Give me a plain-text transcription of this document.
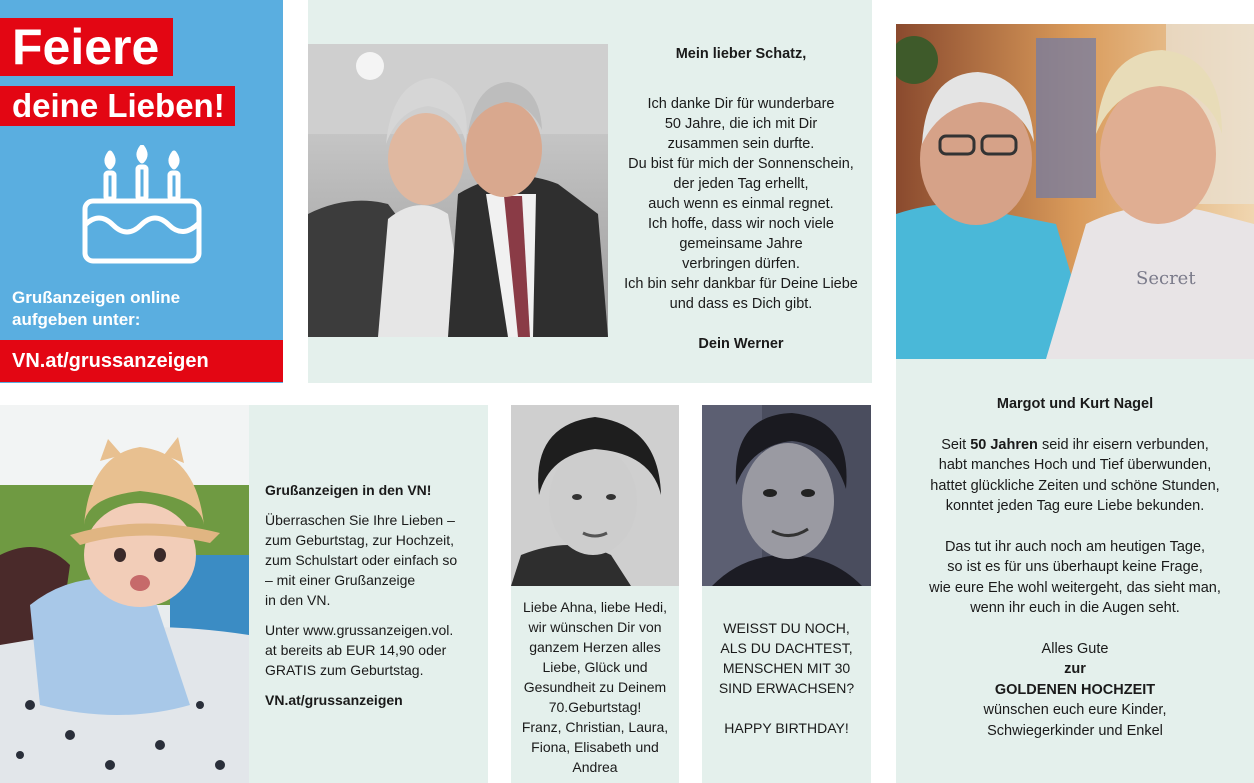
Feiere
deine Lieben!
Grußanzeigen online
aufgeben unter:
VN.at/grussanzeigen
Mein lieber Schatz,
Ich danke Dir für wunderbare
50 Jahre, die ich mit Dir
zusammen sein durfte.
Du bist für mich der Sonnenschein,
der jeden Tag erhellt,
auch wenn es einmal regnet.
Ich hoffe, dass wir noch viele
gemeinsame Jahre
verbringen dürfen.
Ich bin sehr dankbar für Deine Liebe
und dass es Dich gibt.
Dein Werner
Secret
Margot und Kurt Nagel
Seit 50 Jahren seid ihr eisern verbunden,
habt manches Hoch und Tief überwunden,
hattet glückliche Zeiten und schöne Stunden,
konntet jeden Tag eure Liebe bekunden.
Das tut ihr auch noch am heutigen Tage,
so ist es für uns überhaupt keine Frage,
wie eure Ehe wohl weitergeht, das sieht man,
wenn ihr euch in die Augen seht.
Alles Gute
zur
GOLDENEN HOCHZEIT
wünschen euch eure Kinder,
Schwiegerkinder und Enkel
Grußanzeigen in den VN!
Überraschen Sie Ihre Lieben –
zum Geburtstag, zur Hochzeit,
zum Schulstart oder einfach so
– mit einer Grußanzeige
in den VN.
Unter www.grussanzeigen.vol.
at bereits ab EUR 14,90 oder
GRATIS zum Geburtstag.
VN.at/grussanzeigen
Liebe Ahna, liebe Hedi,
wir wünschen Dir von
ganzem Herzen alles
Liebe, Glück und
Gesundheit zu Deinem
70.Geburtstag!
Franz, Christian, Laura,
Fiona, Elisabeth und
Andrea
WEISST DU NOCH,
ALS DU DACHTEST,
MENSCHEN MIT 30
SIND ERWACHSEN?
HAPPY BIRTHDAY!
